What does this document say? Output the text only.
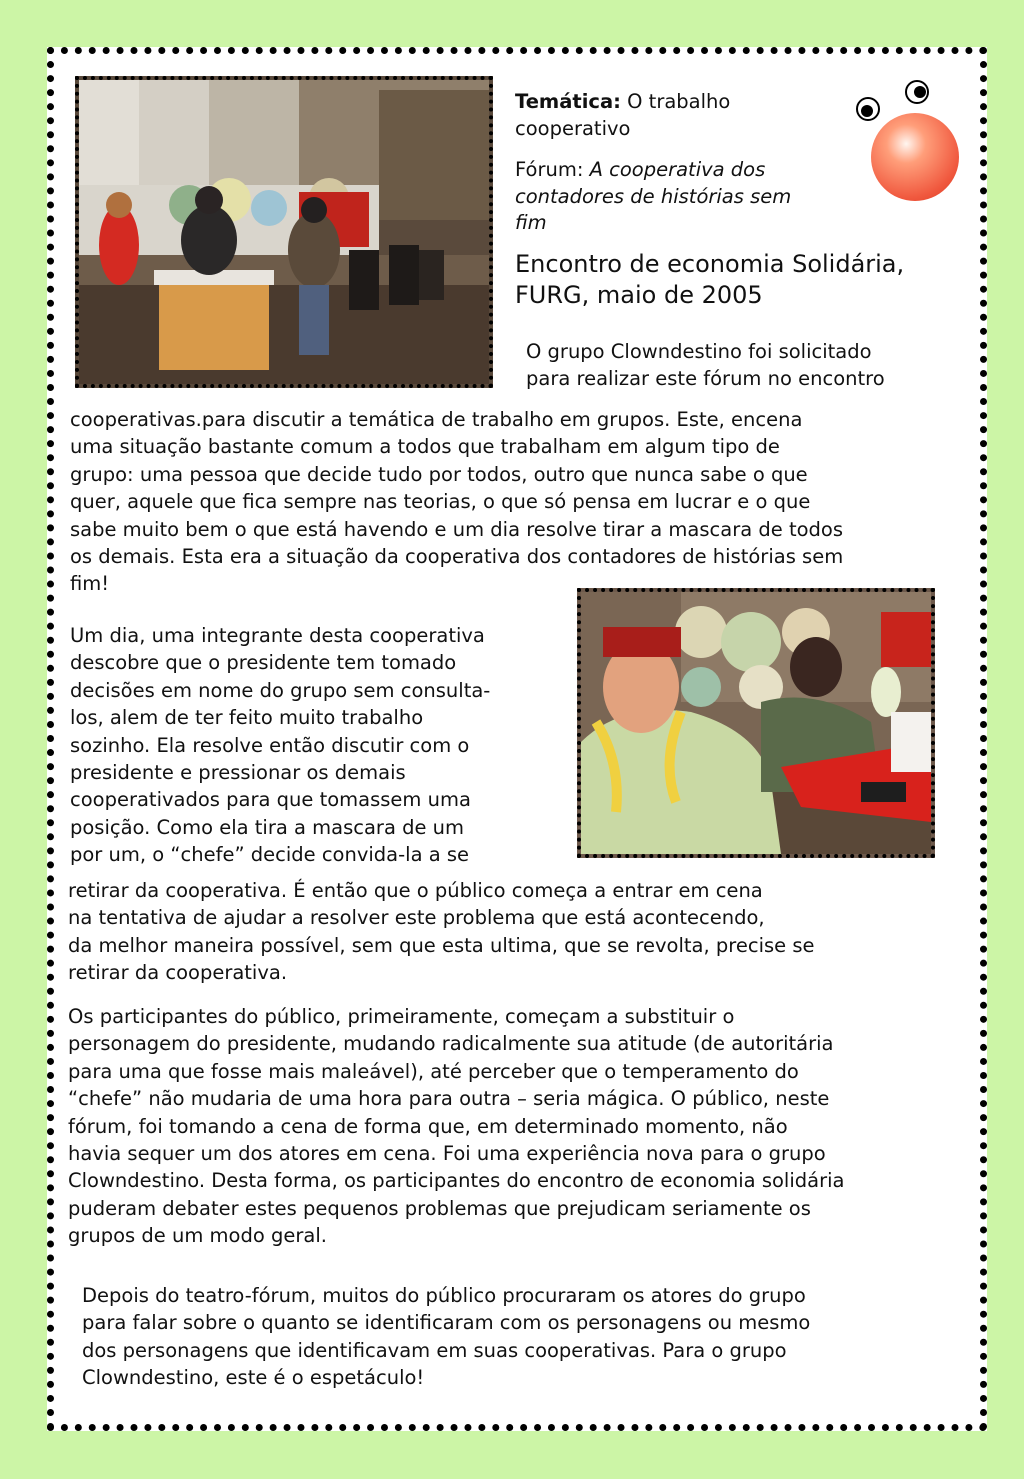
Temática: O trabalho
cooperativo
Fórum: A cooperativa dos
contadores de histórias sem
fim
Encontro de economia Solidária,
FURG, maio de 2005
O grupo Clowndestino foi solicitado
para realizar este fórum no encontro
cooperativas.para discutir a temática de trabalho em grupos. Este, encena
uma situação bastante comum a todos que trabalham em algum tipo de
grupo: uma pessoa que decide tudo por todos, outro que nunca sabe o que
quer, aquele que fica sempre nas teorias, o que só pensa em lucrar e o que
sabe muito bem o que está havendo e um dia resolve tirar a mascara de todos
os demais. Esta era a situação da cooperativa dos contadores de histórias sem
fim!
Um dia, uma integrante desta cooperativa
descobre que o presidente tem tomado
decisões em nome do grupo sem consulta-
los, alem de ter feito muito trabalho
sozinho. Ela resolve então discutir com o
presidente e pressionar os demais
cooperativados para que tomassem uma
posição. Como ela tira a mascara de um
por um, o “chefe” decide convida-la a se
retirar da cooperativa. É então que o público começa a entrar em cena
na tentativa de ajudar a resolver este problema que está acontecendo,
da melhor maneira possível, sem que esta ultima, que se revolta, precise se
retirar da cooperativa.
Os participantes do público, primeiramente, começam a substituir o
personagem do presidente, mudando radicalmente sua atitude (de autoritária
para uma que fosse mais maleável), até perceber que o temperamento do
“chefe” não mudaria de uma hora para outra – seria mágica. O público, neste
fórum, foi tomando a cena de forma que, em determinado momento, não
havia sequer um dos atores em cena. Foi uma experiência nova para o grupo
Clowndestino. Desta forma, os participantes do encontro de economia solidária
puderam debater estes pequenos problemas que prejudicam seriamente os
grupos de um modo geral.
Depois do teatro-fórum, muitos do público procuraram os atores do grupo
para falar sobre o quanto se identificaram com os personagens ou mesmo
dos personagens que identificavam em suas cooperativas. Para o grupo
Clowndestino, este é o espetáculo!
